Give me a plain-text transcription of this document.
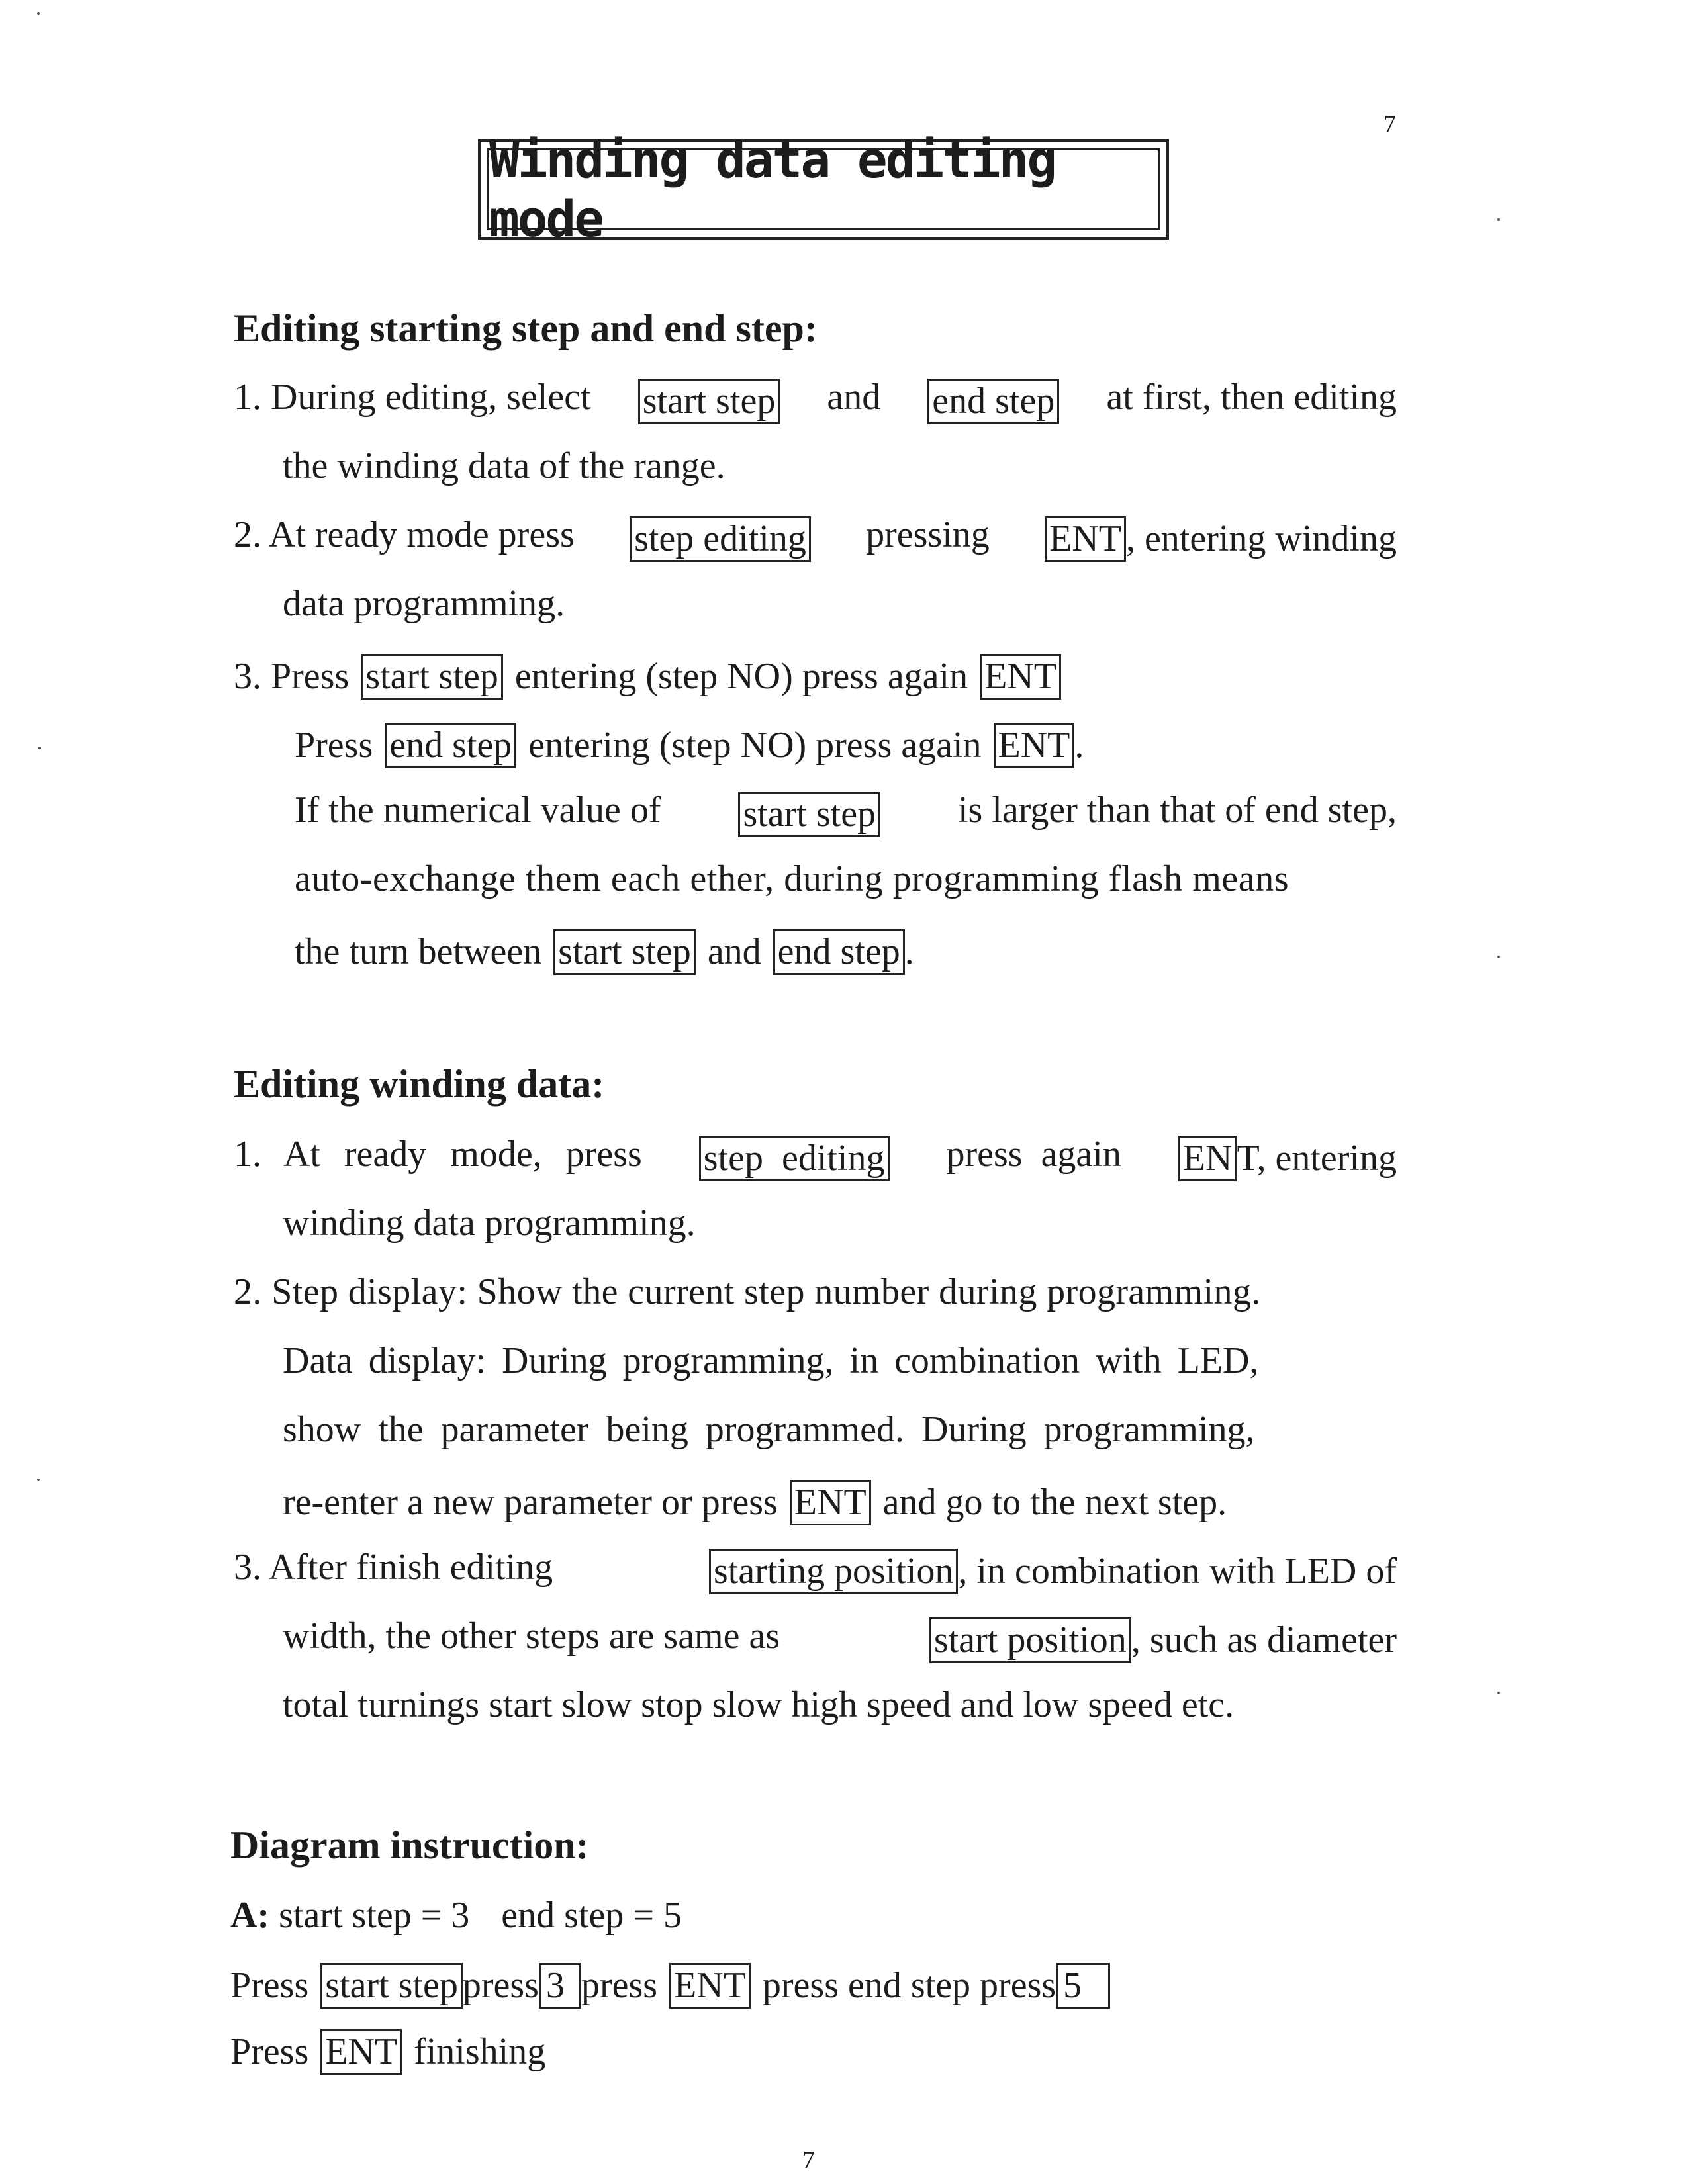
7
Winding data editing mode
Editing starting step and end step:
1. During editing, select start step and end step at first, then editing
the winding data of the range.
2. At ready mode press step editing pressing ENT , entering winding
data programming.
3. Press start step entering (step NO) press again ENT
Press end step entering (step NO) press again ENT .
If the numerical value of start step is larger than that of end step,
auto-exchange them each ether, during programming flash means
the turn between start step and end step .
Editing winding data:
1. At ready mode, press step editing press again EN T, entering
winding data programming.
2. Step display: Show the current step number during programming.
Data display: During programming, in combination with LED,
show the parameter being programmed. During programming,
re-enter a new parameter or press ENT and go to the next step.
3. After finish editing	starting position , in combination with LED of
width, the other steps are same as	start position , such as diameter
total turnings start slow stop slow high speed and low speed etc.
Diagram instruction:
A: start step = 3 end step = 5
Press start step press 3 press ENT press end step press 5
Press ENT finishing
7
